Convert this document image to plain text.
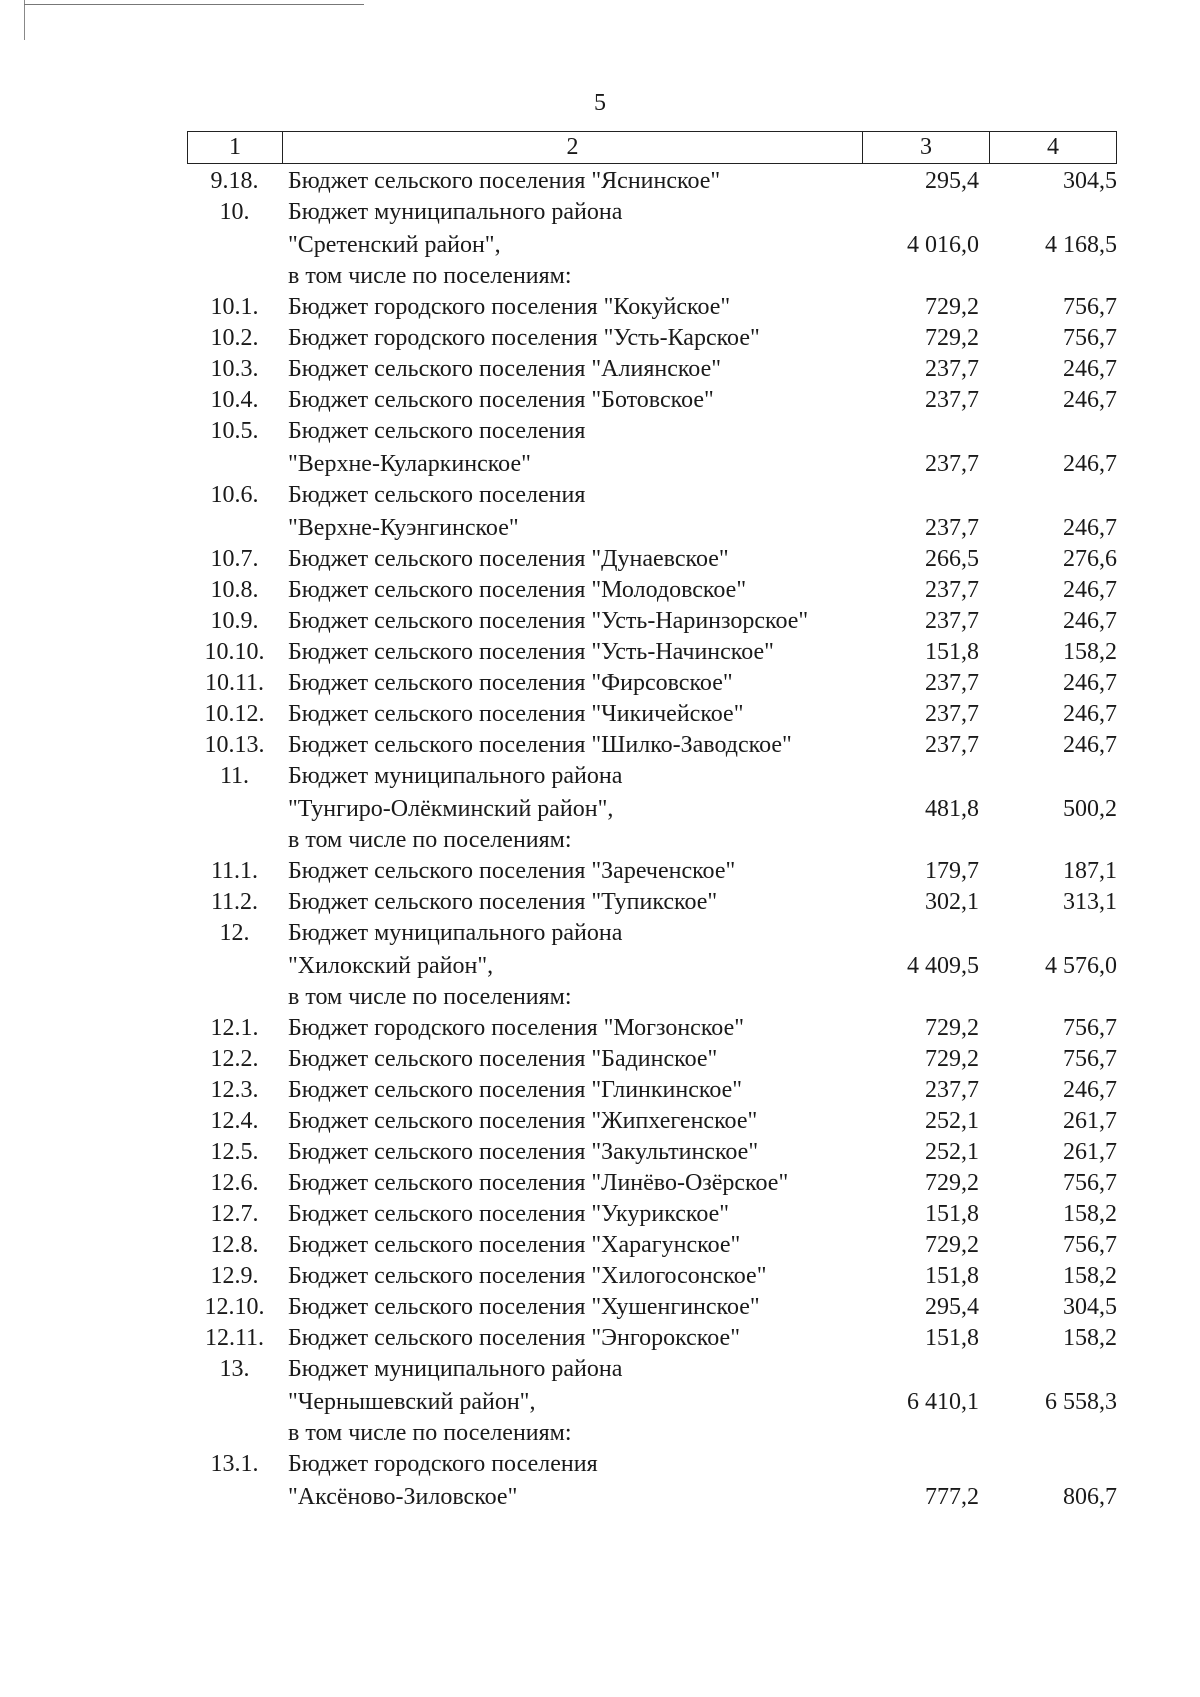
5
1	2	3	4
9.18.	Бюджет сельского поселения "Яснинское"	295,4	304,5
10.	Бюджет муниципального района
"Сретенский район",	4 016,0	4 168,5
в том числе по поселениям:
10.1.	Бюджет городского поселения "Кокуйское"	729,2	756,7
10.2.	Бюджет городского поселения "Усть-Карское"	729,2	756,7
10.3.	Бюджет сельского поселения "Алиянское"	237,7	246,7
10.4.	Бюджет сельского поселения "Ботовское"	237,7	246,7
10.5.	Бюджет сельского поселения
"Верхне-Куларкинское"	237,7	246,7
10.6.	Бюджет сельского поселения
"Верхне-Куэнгинское"	237,7	246,7
10.7.	Бюджет сельского поселения "Дунаевское"	266,5	276,6
10.8.	Бюджет сельского поселения "Молодовское"	237,7	246,7
10.9.	Бюджет сельского поселения "Усть-Наринзорское"	237,7	246,7
10.10. Бюджет сельского поселения "Усть-Начинское"	151,8	158,2
10.11. Бюджет сельского поселения "Фирсовское"	237,7	246,7
10.12. Бюджет сельского поселения "Чикичейское"	237,7	246,7
10.13. Бюджет сельского поселения "Шилко-Заводское"	237,7	246,7
11.	Бюджет муниципального района
"Тунгиро-Олёкминский район",	481,8	500,2
в том числе по поселениям:
11.1.	Бюджет сельского поселения "Зареченское"	179,7	187,1
11.2.	Бюджет сельского поселения "Тупикское"	302,1	313,1
12.	Бюджет муниципального района
"Хилокский район",	4 409,5	4 576,0
в том числе по поселениям:
12.1.	Бюджет городского поселения "Могзонское"	729,2	756,7
12.2.	Бюджет сельского поселения "Бадинское"	729,2	756,7
12.3.	Бюджет сельского поселения "Глинкинское"	237,7	246,7
12.4.	Бюджет сельского поселения "Жипхегенское"	252,1	261,7
12.5.	Бюджет сельского поселения "Закультинское"	252,1	261,7
12.6.	Бюджет сельского поселения "Линёво-Озёрское"	729,2	756,7
12.7.	Бюджет сельского поселения "Укурикское"	151,8	158,2
12.8.	Бюджет сельского поселения "Харагунское"	729,2	756,7
12.9.	Бюджет сельского поселения "Хилогосонское"	151,8	158,2
12.10. Бюджет сельского поселения "Хушенгинское"	295,4	304,5
12.11. Бюджет сельского поселения "Энгорокское"	151,8	158,2
13.	Бюджет муниципального района
"Чернышевский район",	6 410,1	6 558,3
в том числе по поселениям:
13.1.	Бюджет городского поселения
"Аксёново-Зиловское"	777,2	806,7
